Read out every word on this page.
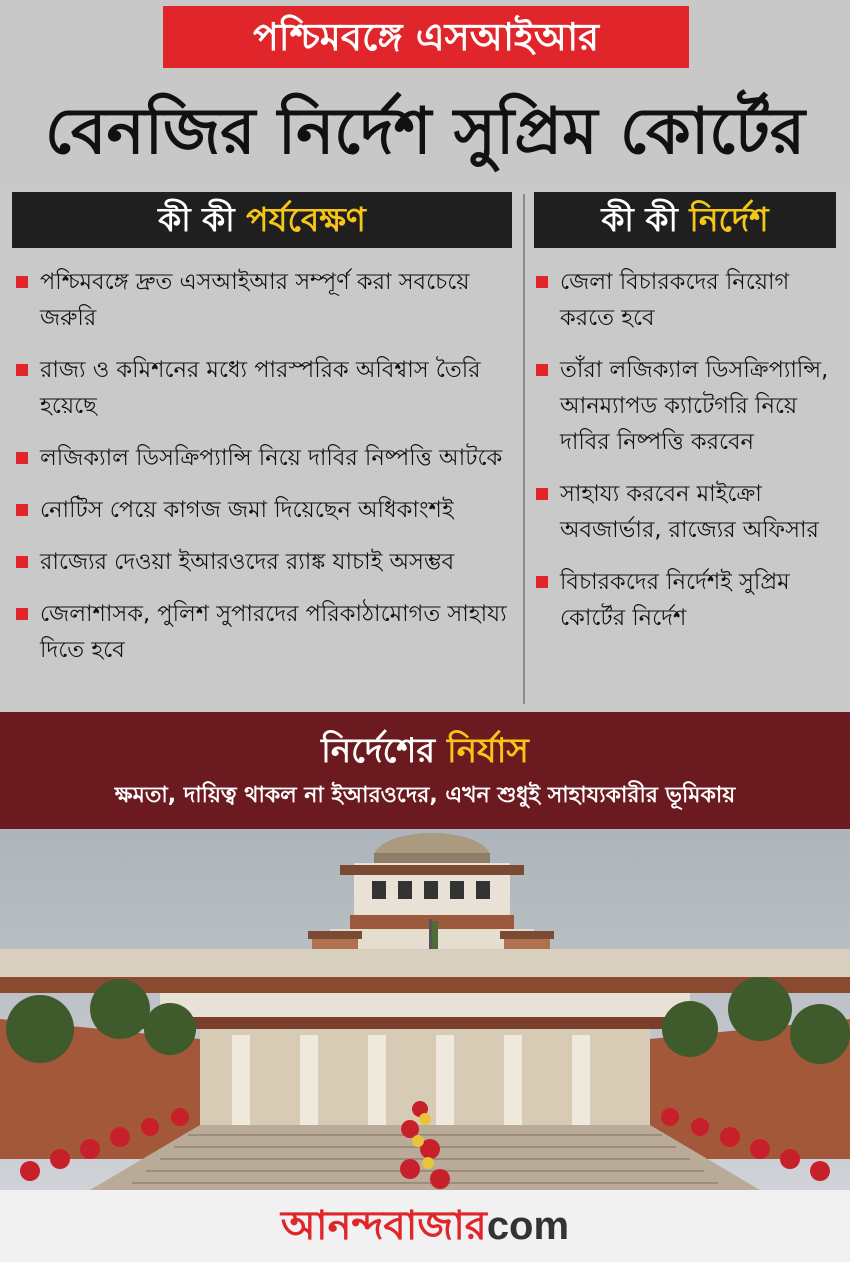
পশ্চিমবঙ্গে এসআইআর
বেনজির নির্দেশ সুপ্রিম কোর্টের
কী কী পর্যবেক্ষণ	কী কী নির্দেশ
পশ্চিমবঙ্গে দ্রুত এসআইআর সম্পূর্ণ করা সবচেয়ে জরুরি
রাজ্য ও কমিশনের মধ্যে পারস্পরিক অবিশ্বাস তৈরি হয়েছে
লজিক্যাল ডিসক্রিপ্যান্সি নিয়ে দাবির নিষ্পত্তি আটকে
নোটিস পেয়ে কাগজ জমা দিয়েছেন অধিকাংশই
রাজ্যের দেওয়া ইআরওদের র‌্যাঙ্ক যাচাই অসম্ভব
জেলাশাসক, পুলিশ সুপারদের পরিকাঠামোগত সাহায্য দিতে হবে
জেলা বিচারকদের নিয়োগ করতে হবে
তাঁরা লজিক্যাল ডিসক্রিপ্যান্সি, আনম্যাপড ক্যাটেগরি নিয়ে দাবির নিষ্পত্তি করবেন
সাহায্য করবেন মাইক্রো অবজার্ভার, রাজ্যের অফিসার
বিচারকদের নির্দেশই সুপ্রিম কোর্টের নির্দেশ
নির্দেশের নির্যাস
ক্ষমতা, দায়িত্ব থাকল না ইআরওদের, এখন শুধুই সাহায্যকারীর ভূমিকায়
আনন্দবাজারcom
